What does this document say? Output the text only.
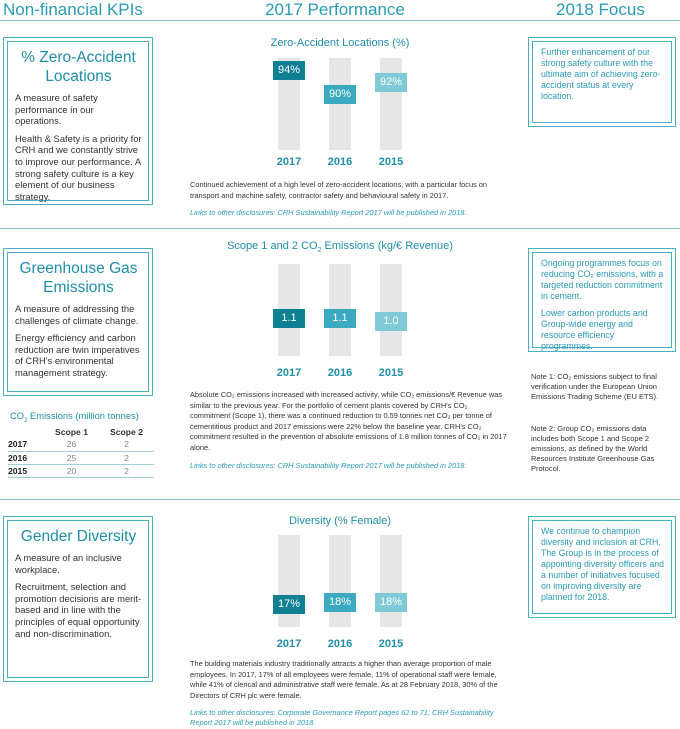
Non-financial KPIs	2017 Performance	2018 Focus
% Zero-Accident Locations
A measure of safety performance in our operations.
Health & Safety is a priority for CRH and we constantly strive to improve our performance. A strong safety culture is a key element of our business strategy.
Zero-Accident Locations (%)
94%
90%
92%
2017	2016	2015
Continued achievement of a high level of zero-accident locations, with a particular focus on transport and machine safety, contractor safety and behavioural safety in 2017.
Links to other disclosures: CRH Sustainability Report 2017 will be published in 2018.
Further enhancement of our strong safety culture with the ultimate aim of achieving zero-accident status at every location.
Greenhouse Gas Emissions
A measure of addressing the challenges of climate change.
Energy efficiency and carbon reduction are twin imperatives of CRH's environmental management strategy.
Scope 1 and 2 $CO_2$ Emissions (kg/€ Revenue)
1.1	1.1	1.0
2017	2016	2015
Absolute CO₂ emissions increased with increased activity, while CO₂ emissions/€ Revenue was similar to the previous year. For the portfolio of cement plants covered by CRH's CO₂ commitment (Scope 1), there was a continued reduction to 0.59 tonnes net CO₂ per tonne of cementitious product and 2017 emissions were 22% below the baseline year. CRH's CO₂ commitment resulted in the prevention of absolute emissions of 1.8 million tonnes of CO₂ in 2017 alone.
Links to other disclosures: CRH Sustainability Report 2017 will be published in 2018.
$CO_2$ Emissions (million tonnes)
	Scope 1	Scope 2
2017	26	2
2016	25	2
2015	20	2
Ongoing programmes focus on reducing CO₂ emissions, with a targeted reduction commitment in cement.
Lower carbon products and Group-wide energy and resource efficiency programmes.
Note 1: CO₂ emissions subject to final verification under the European Union Emissions Trading Scheme (EU ETS).
Note 2: Group CO₂ emissions data includes both Scope 1 and Scope 2 emissions, as defined by the World Resources Institute Greenhouse Gas Protocol.
Gender Diversity
A measure of an inclusive workplace.
Recruitment, selection and promotion decisions are merit-based and in line with the principles of equal opportunity and non-discrimination.
Diversity (% Female)
17%	18%	18%
2017	2016	2015
The building materials industry traditionally attracts a higher than average proportion of male employees. In 2017, 17% of all employees were female, 11% of operational staff were female, while 41% of clerical and administrative staff were female. As at 28 February 2018, 30% of the Directors of CRH plc were female.
Links to other disclosures: Corporate Governance Report pages 62 to 71; CRH Sustainability Report 2017 will be published in 2018.
We continue to champion diversity and inclusion at CRH. The Group is in the process of appointing diversity officers and a number of initiatives focused on improving diversity are planned for 2018.
